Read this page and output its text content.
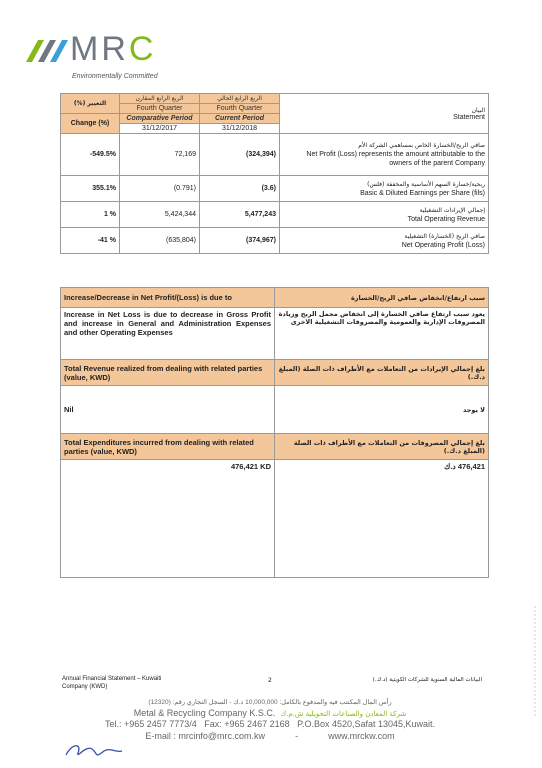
MRC
Environmentally Committed
التغيير (%)	الربع الرابع المقارن	الربع الرابع الحالي	البيان
Statement
	Fourth Quarter	Fourth Quarter	
Change (%)	Comparative Period	Current Period	
	31/12/2017	31/12/2018	
-549.5%	72,169	(324,394)	صافي الربح/الخسارة الخاص بمساهمي الشركة الأم
Net Profit (Loss) represents the amount attributable to the owners of the parent Company
355.1%	(0.791)	(3.6)	ربحية/خسارة السهم الأساسية والمخففة (فلس)
Basic & Diluted Earnings per Share (fils)
1 %	5,424,344	5,477,243	إجمالي الإيرادات التشغيلية
Total Operating Revenue
-41 %	(635,804)	(374,967)	صافي الربح (الخسارة) التشغيلية
Net Operating Profit (Loss)
Increase/Decrease in Net Profit/(Loss) is due to	سبب ارتفاع/انخفاض صافي الربح/الخسارة
Increase in Net Loss is due to decrease in Gross Profit and increase in General and Administration Expenses and other Operating Expenses	يعود سبب ارتفاع صافي الخسارة إلى انخفاض مجمل الربح وزيادة المصروفات الإدارية والعمومية والمصروفات التشغيلية الاخرى
Total Revenue realized from dealing with related parties (value, KWD)	بلغ إجمالي الإيرادات من التعاملات مع الأطراف ذات الصلة (المبلغ د.ك.)
Nil	لا يوجد
Total Expenditures incurred from dealing with related parties (value, KWD)	بلغ إجمالي المصروفات من التعاملات مع الأطراف ذات الصلة (المبلغ د.ك.)
476,421 KD	476,421 د.ك
Annual Financial Statement – Kuwaiti
Company (KWD)
2	البيانات المالية السنوية للشركات الكويتية (د.ك.)
رأس المال المكتتب فيه والمدفوع بالكامل: 10,000,000 د.ك - السجل التجاري رقم: (12320)
Metal & Recycling Company K.S.C. شركة المعادن والصناعات التحويلية ش.م.ك
Tel.: +965 2457 7773/4 Fax: +965 2467 2168 P.O.Box 4520,Safat 13045,Kuwait.
E-mail : mrcinfo@mrc.com.kw	-	www.mrckw.com
